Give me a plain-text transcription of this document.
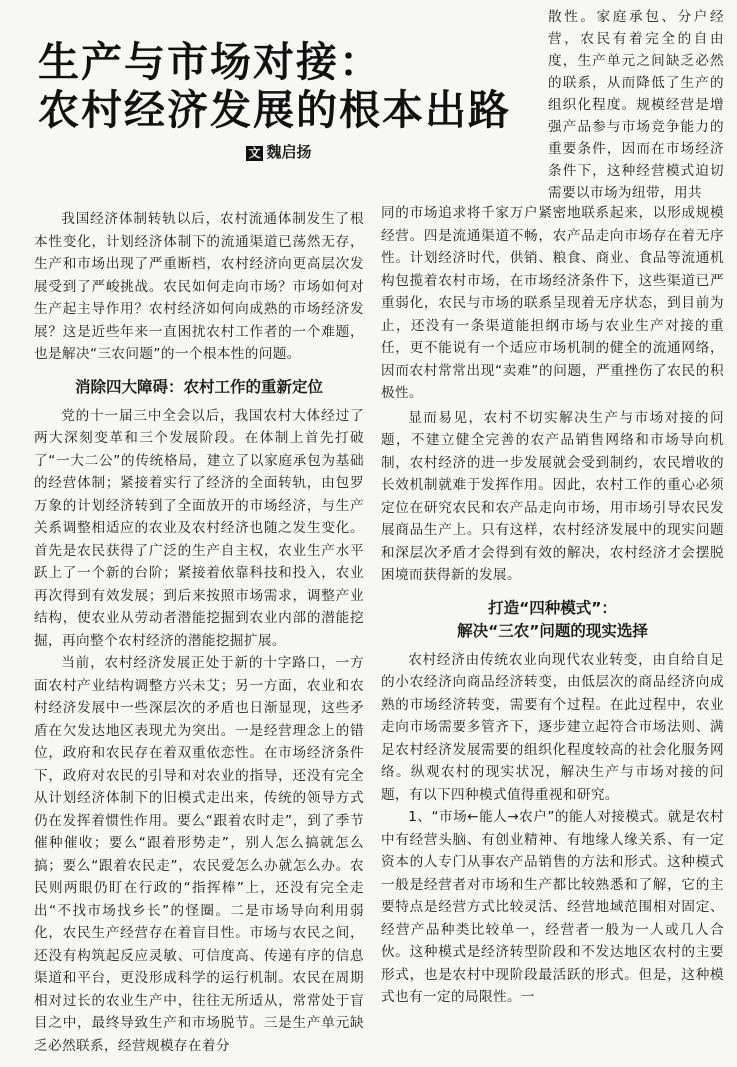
生产与市场对接：
农村经济发展的根本出路
文 魏启扬

散性。家庭承包、分户经营，农民有着完全的自由度，生产单元之间缺乏必然的联系，从而降低了生产的组织化程度。规模经营是增强产品参与市场竞争能力的重要条件，因而在市场经济条件下，这种经营模式迫切需要以市场为纽带，用共

我国经济体制转轨以后，农村流通体制发生了根本性变化，计划经济体制下的流通渠道已荡然无存，生产和市场出现了严重断档，农村经济向更高层次发展受到了严峻挑战。农民如何走向市场？市场如何对生产起主导作用？农村经济如何向成熟的市场经济发展？这是近些年来一直困扰农村工作者的一个难题，也是解决“三农问题”的一个根本性的问题。

消除四大障碍：农村工作的重新定位

党的十一届三中全会以后，我国农村大体经过了两大深刻变革和三个发展阶段。在体制上首先打破了“一大二公”的传统格局，建立了以家庭承包为基础的经营体制；紧接着实行了经济的全面转轨，由包罗万象的计划经济转到了全面放开的市场经济，与生产关系调整相适应的农业及农村经济也随之发生变化。首先是农民获得了广泛的生产自主权，农业生产水平跃上了一个新的台阶；紧接着依靠科技和投入，农业再次得到有效发展；到后来按照市场需求，调整产业结构，使农业从劳动者潜能挖掘到农业内部的潜能挖掘，再向整个农村经济的潜能挖掘扩展。

当前，农村经济发展正处于新的十字路口，一方面农村产业结构调整方兴未艾；另一方面，农业和农村经济发展中一些深层次的矛盾也日渐显现，这些矛盾在欠发达地区表现尤为突出。一是经营理念上的错位，政府和农民存在着双重依恋性。在市场经济条件下，政府对农民的引导和对农业的指导，还没有完全从计划经济体制下的旧模式走出来，传统的领导方式仍在发挥着惯性作用。要么“跟着农时走”，到了季节催种催收；要么“跟着形势走”，别人怎么搞就怎么搞；要么“跟着农民走”，农民爱怎么办就怎么办。农民则两眼仍盯在行政的“指挥棒”上，还没有完全走出“不找市场找乡长”的怪圈。二是市场导向利用弱化，农民生产经营存在着盲目性。市场与农民之间，还没有构筑起反应灵敏、可信度高、传递有序的信息渠道和平台，更没形成科学的运行机制。农民在周期相对过长的农业生产中，往往无所适从，常常处于盲目之中，最终导致生产和市场脱节。三是生产单元缺乏必然联系，经营规模存在着分

同的市场追求将千家万户紧密地联系起来，以形成规模经营。四是流通渠道不畅，农产品走向市场存在着无序性。计划经济时代，供销、粮食、商业、食品等流通机构包揽着农村市场，在市场经济条件下，这些渠道已严重弱化，农民与市场的联系呈现着无序状态，到目前为止，还没有一条渠道能担纲市场与农业生产对接的重任，更不能说有一个适应市场机制的健全的流通网络，因而农村常常出现“卖难”的问题，严重挫伤了农民的积极性。

显而易见，农村不切实解决生产与市场对接的问题，不建立健全完善的农产品销售网络和市场导向机制，农村经济的进一步发展就会受到制约，农民增收的长效机制就难于发挥作用。因此，农村工作的重心必须定位在研究农民和农产品走向市场，用市场引导农民发展商品生产上。只有这样，农村经济发展中的现实问题和深层次矛盾才会得到有效的解决，农村经济才会摆脱困境而获得新的发展。

打造“四种模式”：
解决“三农”问题的现实选择

农村经济由传统农业向现代农业转变，由自给自足的小农经济向商品经济转变，由低层次的商品经济向成熟的市场经济转变，需要有个过程。在此过程中，农业走向市场需要多管齐下，逐步建立起符合市场法则、满足农村经济发展需要的组织化程度较高的社会化服务网络。纵观农村的现实状况，解决生产与市场对接的问题，有以下四种模式值得重视和研究。

1、“市场←能人→农户”的能人对接模式。就是农村中有经营头脑、有创业精神、有地缘人缘关系、有一定资本的人专门从事农产品销售的方法和形式。这种模式一般是经营者对市场和生产都比较熟悉和了解，它的主要特点是经营方式比较灵活、经营地域范围相对固定、经营产品种类比较单一，经营者一般为一人或几人合伙。这种模式是经济转型阶段和不发达地区农村的主要形式，也是农村中现阶段最活跃的形式。但是，这种模式也有一定的局限性。一
